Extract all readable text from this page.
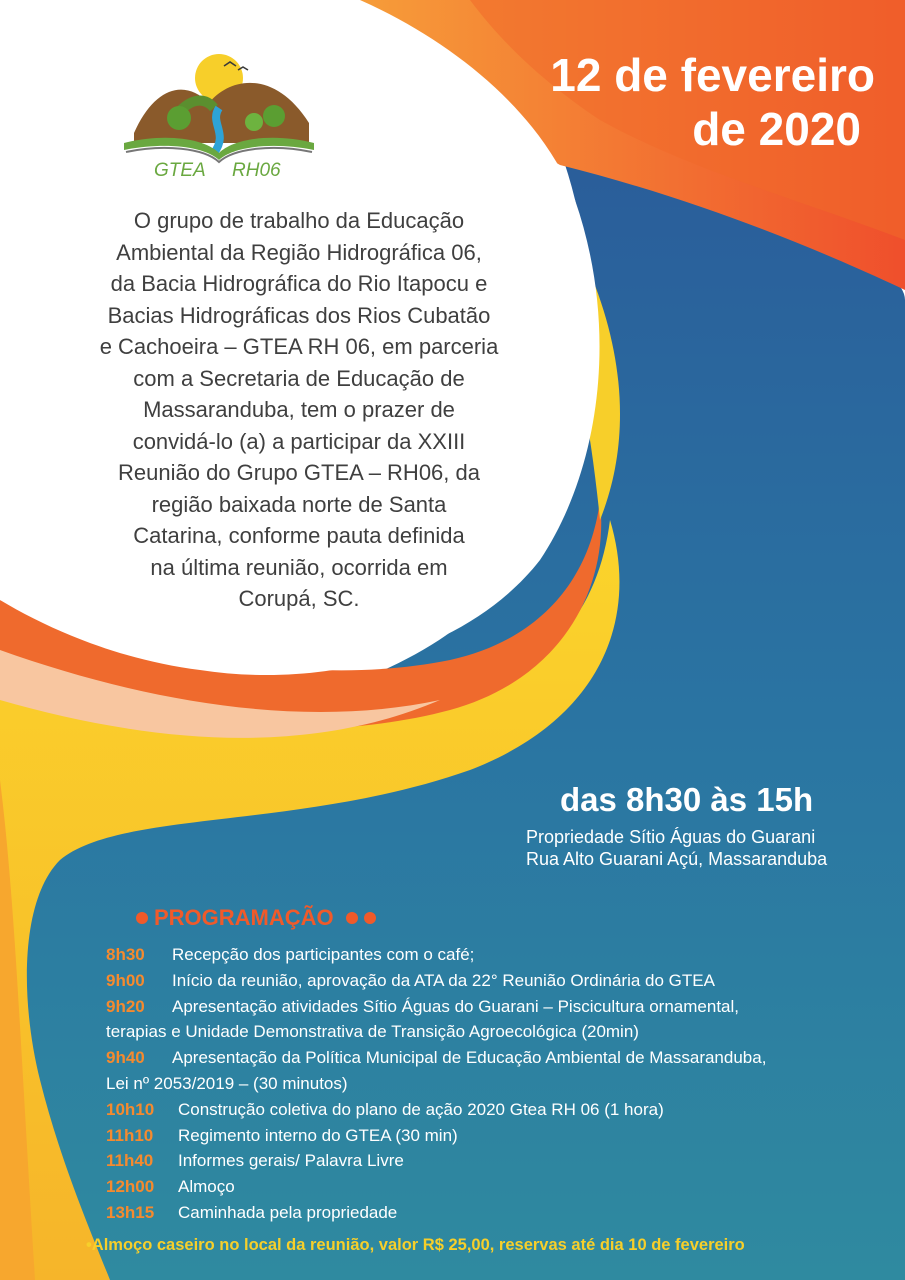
GTEA RH06
12 de fevereiro
de 2020
O grupo de trabalho da Educação
Ambiental da Região Hidrográfica 06,
da Bacia Hidrográfica do Rio Itapocu e
Bacias Hidrográficas dos Rios Cubatão
e Cachoeira – GTEA RH 06, em parceria
com a Secretaria de Educação de
Massaranduba, tem o prazer de
convidá-lo (a) a participar da XXIII
Reunião do Grupo GTEA – RH06, da
região baixada norte de Santa
Catarina, conforme pauta definida
na última reunião, ocorrida em
Corupá, SC.
das 8h30 às 15h
Propriedade Sítio Águas do Guarani
Rua Alto Guarani Açú, Massaranduba
PROGRAMAÇÃO
8h30 Recepção dos participantes com o café;
9h00 Início da reunião, aprovação da ATA da 22° Reunião Ordinária do GTEA
9h20 Apresentação atividades Sítio Águas do Guarani – Piscicultura ornamental,
terapias e Unidade Demonstrativa de Transição Agroecológica (20min)
9h40 Apresentação da Política Municipal de Educação Ambiental de Massaranduba,
Lei nº 2053/2019 – (30 minutos)
10h10 Construção coletiva do plano de ação 2020 Gtea RH 06 (1 hora)
11h10 Regimento interno do GTEA (30 min)
11h40 Informes gerais/ Palavra Livre
12h00 Almoço
13h15 Caminhada pela propriedade
•Almoço caseiro no local da reunião, valor R$ 25,00, reservas até dia 10 de fevereiro
